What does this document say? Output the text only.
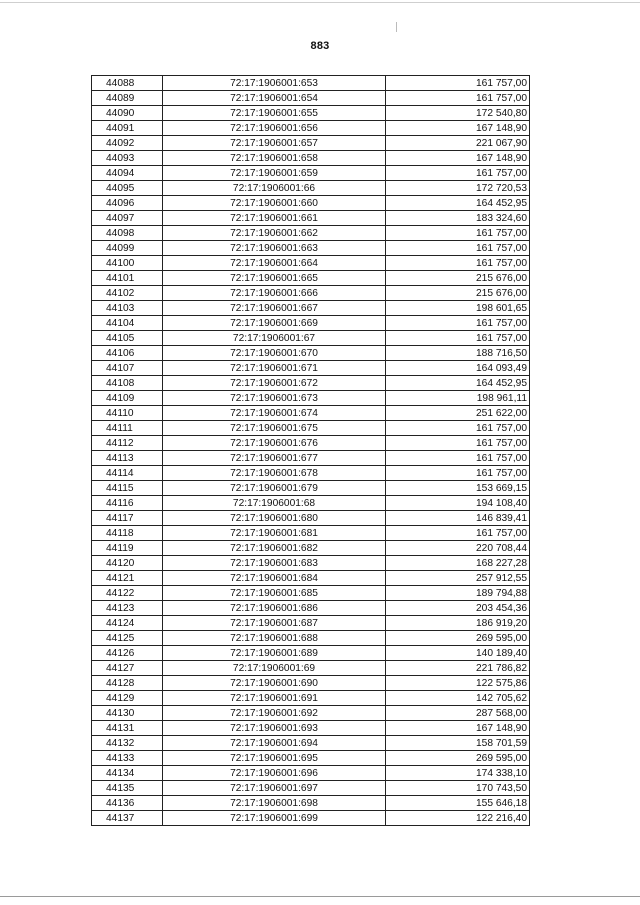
883
44088	72:17:1906001:653	161 757,00
44089	72:17:1906001:654	161 757,00
44090	72:17:1906001:655	172 540,80
44091	72:17:1906001:656	167 148,90
44092	72:17:1906001:657	221 067,90
44093	72:17:1906001:658	167 148,90
44094	72:17:1906001:659	161 757,00
44095	72:17:1906001:66	172 720,53
44096	72:17:1906001:660	164 452,95
44097	72:17:1906001:661	183 324,60
44098	72:17:1906001:662	161 757,00
44099	72:17:1906001:663	161 757,00
44100	72:17:1906001:664	161 757,00
44101	72:17:1906001:665	215 676,00
44102	72:17:1906001:666	215 676,00
44103	72:17:1906001:667	198 601,65
44104	72:17:1906001:669	161 757,00
44105	72:17:1906001:67	161 757,00
44106	72:17:1906001:670	188 716,50
44107	72:17:1906001:671	164 093,49
44108	72:17:1906001:672	164 452,95
44109	72:17:1906001:673	198 961,11
44110	72:17:1906001:674	251 622,00
44111	72:17:1906001:675	161 757,00
44112	72:17:1906001:676	161 757,00
44113	72:17:1906001:677	161 757,00
44114	72:17:1906001:678	161 757,00
44115	72:17:1906001:679	153 669,15
44116	72:17:1906001:68	194 108,40
44117	72:17:1906001:680	146 839,41
44118	72:17:1906001:681	161 757,00
44119	72:17:1906001:682	220 708,44
44120	72:17:1906001:683	168 227,28
44121	72:17:1906001:684	257 912,55
44122	72:17:1906001:685	189 794,88
44123	72:17:1906001:686	203 454,36
44124	72:17:1906001:687	186 919,20
44125	72:17:1906001:688	269 595,00
44126	72:17:1906001:689	140 189,40
44127	72:17:1906001:69	221 786,82
44128	72:17:1906001:690	122 575,86
44129	72:17:1906001:691	142 705,62
44130	72:17:1906001:692	287 568,00
44131	72:17:1906001:693	167 148,90
44132	72:17:1906001:694	158 701,59
44133	72:17:1906001:695	269 595,00
44134	72:17:1906001:696	174 338,10
44135	72:17:1906001:697	170 743,50
44136	72:17:1906001:698	155 646,18
44137	72:17:1906001:699	122 216,40
